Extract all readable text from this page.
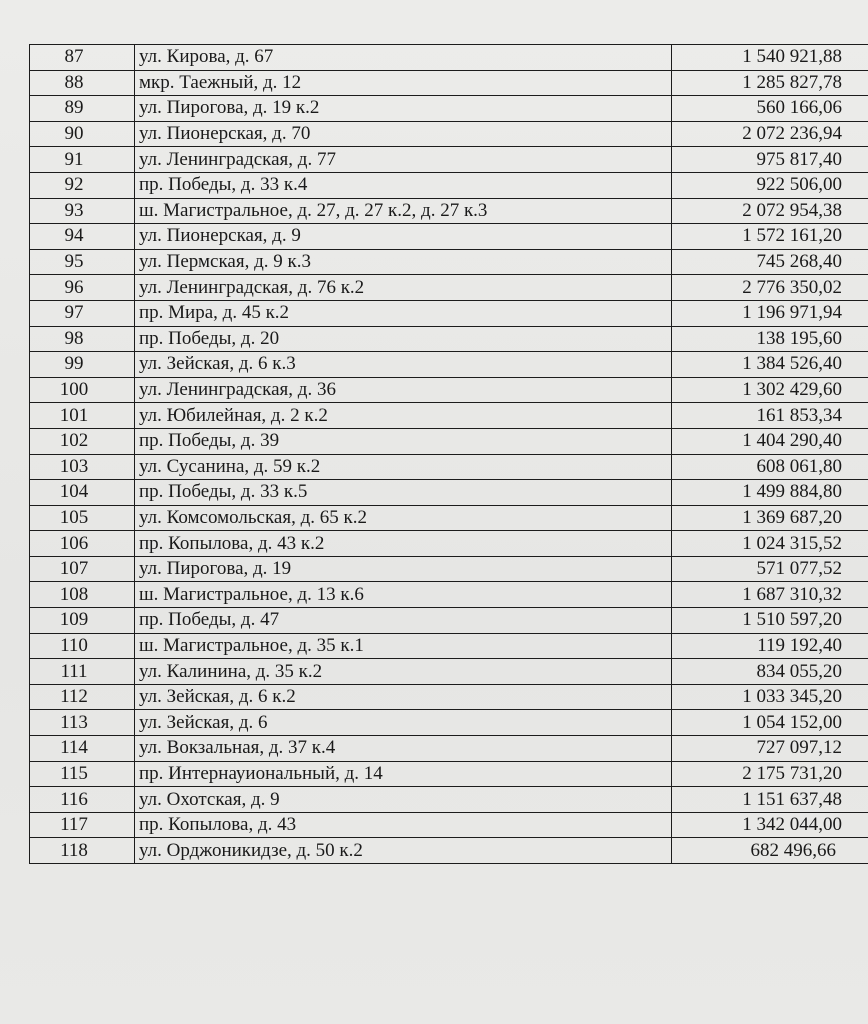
87	ул. Кирова, д. 67	1 540 921,88
88	мкр. Таежный, д. 12	1 285 827,78
89	ул. Пирогова, д. 19 к.2	560 166,06
90	ул. Пионерская, д. 70	2 072 236,94
91	ул. Ленинградская, д. 77	975 817,40
92	пр. Победы, д. 33 к.4	922 506,00
93	ш. Магистральное, д. 27, д. 27 к.2, д. 27 к.3	2 072 954,38
94	ул. Пионерская, д. 9	1 572 161,20
95	ул. Пермская, д. 9 к.3	745 268,40
96	ул. Ленинградская, д. 76 к.2	2 776 350,02
97	пр. Мира, д. 45 к.2	1 196 971,94
98	пр. Победы, д. 20	138 195,60
99	ул. Зейская, д. 6 к.3	1 384 526,40
100	ул. Ленинградская, д. 36	1 302 429,60
101	ул. Юбилейная, д. 2 к.2	161 853,34
102	пр. Победы, д. 39	1 404 290,40
103	ул. Сусанина, д. 59 к.2	608 061,80
104	пр. Победы, д. 33 к.5	1 499 884,80
105	ул. Комсомольская, д. 65 к.2	1 369 687,20
106	пр. Копылова, д. 43 к.2	1 024 315,52
107	ул. Пирогова, д. 19	571 077,52
108	ш. Магистральное, д. 13 к.6	1 687 310,32
109	пр. Победы, д. 47	1 510 597,20
110	ш. Магистральное, д. 35 к.1	119 192,40
111	ул. Калинина, д. 35 к.2	834 055,20
112	ул. Зейская, д. 6 к.2	1 033 345,20
113	ул. Зейская, д. 6	1 054 152,00
114	ул. Вокзальная, д. 37 к.4	727 097,12
115	пр. Интернауиональный, д. 14	2 175 731,20
116	ул. Охотская, д. 9	1 151 637,48
117	пр. Копылова, д. 43	1 342 044,00
118	ул. Орджоникидзе, д. 50 к.2	682 496,66
